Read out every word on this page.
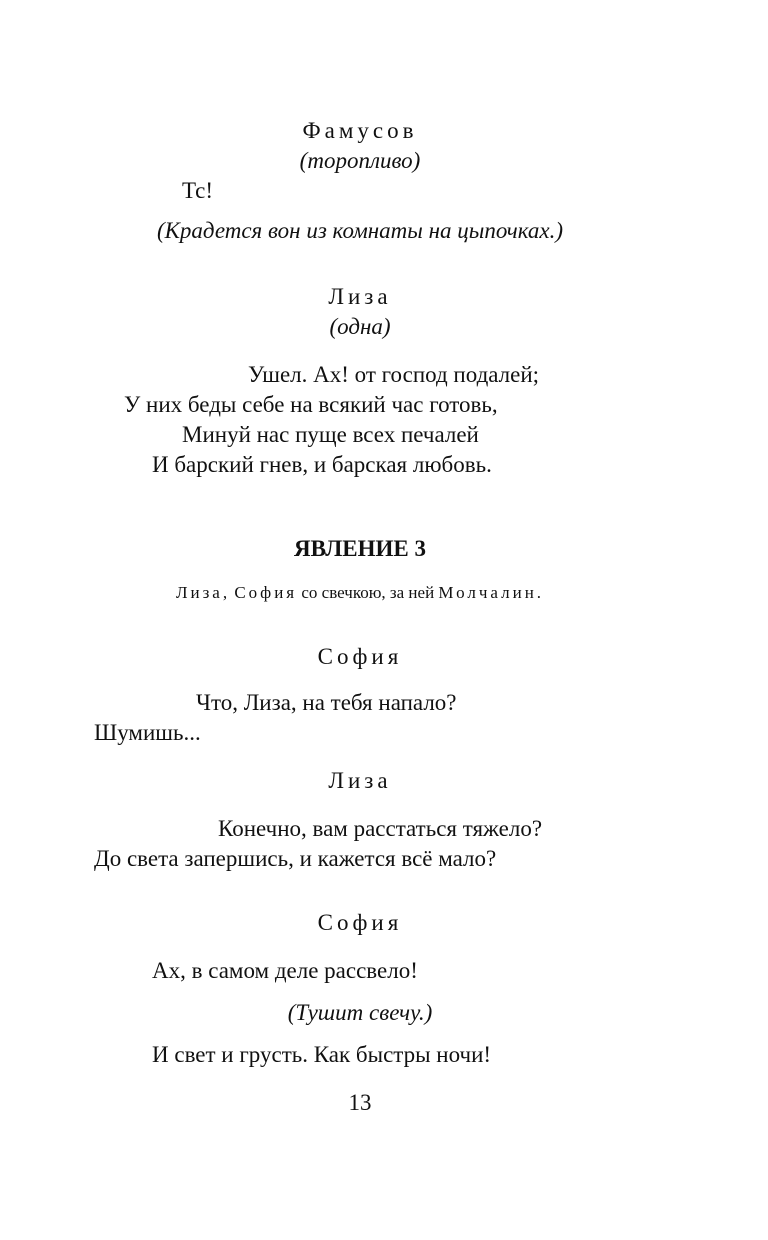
Фамусов
(торопливо)
Тс!
(Крадется вон из комнаты на цыпочках.)
Лиза
(одна)
Ушел. Ах! от господ подалей;
У них беды себе на всякий час готовь,
Минуй нас пуще всех печалей
И барский гнев, и барская любовь.
ЯВЛЕНИЕ 3
Лиза, София со свечкою, за ней Молчалин.
София
Что, Лиза, на тебя напало?
Шумишь...
Лиза
Конечно, вам расстаться тяжело?
До света запершись, и кажется всё мало?
София
Ах, в самом деле рассвело!
(Тушит свечу.)
И свет и грусть. Как быстры ночи!
13
